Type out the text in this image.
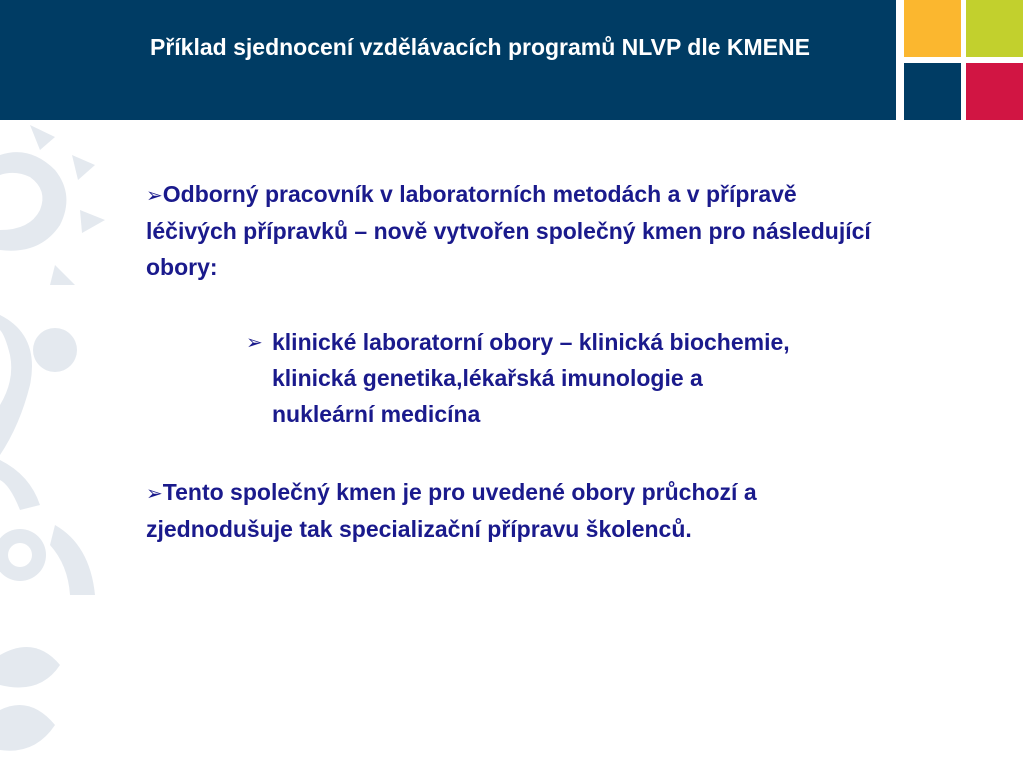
Příklad sjednocení vzdělávacích programů NLVP dle KMENE

➢Odborný pracovník v laboratorních metodách a v přípravě léčivých přípravků – nově vytvořen společný kmen pro následující obory:

➢ klinické laboratorní obory – klinická biochemie, klinická genetika,lékařská imunologie a nukleární medicína

➢Tento společný kmen je pro uvedené obory průchozí a zjednodušuje tak specializační přípravu školenců.
